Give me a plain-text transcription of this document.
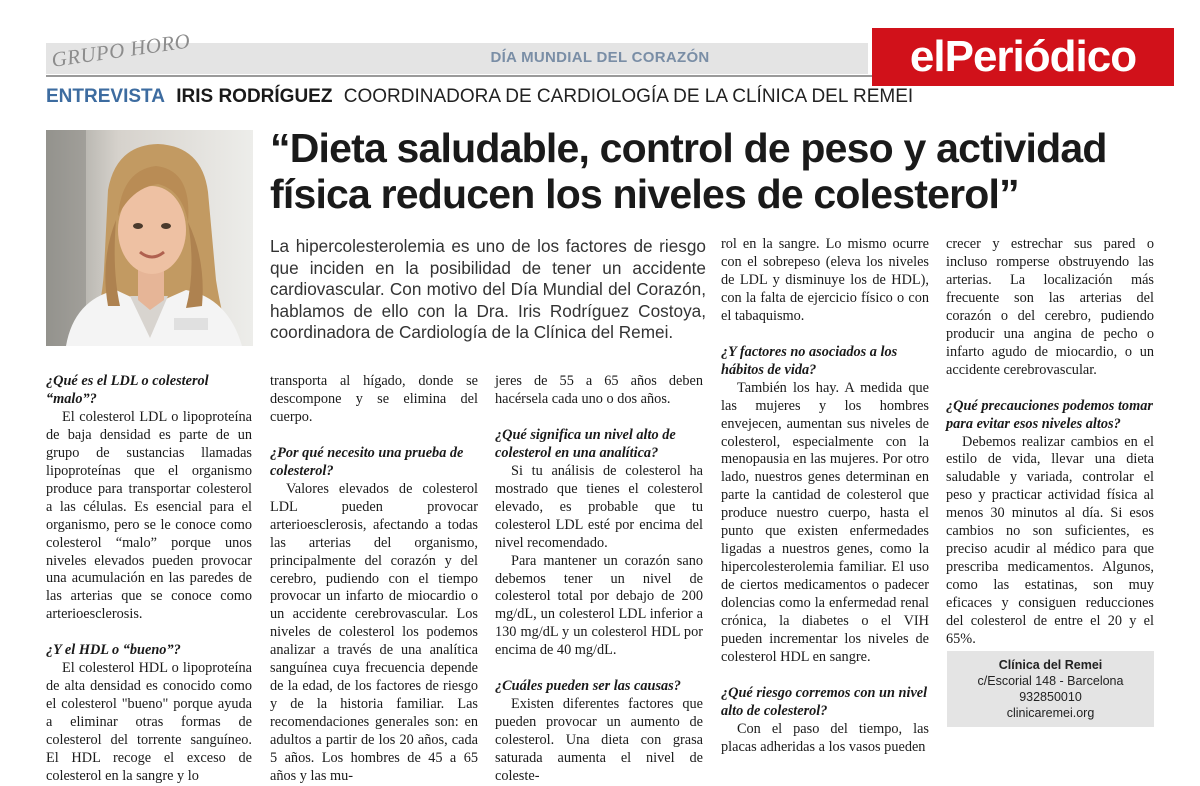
GRUPO HORO	DÍA MUNDIAL DEL CORAZÓN	elPeriódico
ENTREVISTA IRIS RODRÍGUEZ COORDINADORA DE CARDIOLOGÍA DE LA CLÍNICA DEL REMEI
“Dieta saludable, control de peso y actividad física reducen los niveles de colesterol”

La hipercolesterolemia es uno de los factores de riesgo que inciden en la posibilidad de tener un accidente cardiovascular. Con motivo del Día Mundial del Corazón, hablamos de ello con la Dra. Iris Rodríguez Costoya, coordinadora de Cardiología de la Clínica del Remei.

¿Qué es el LDL o colesterol “malo”?

El colesterol LDL o lipoproteína de baja densidad es parte de un grupo de sustancias llamadas lipoproteínas que el organismo produce para transportar colesterol a las células. Es esencial para el organismo, pero se le conoce como colesterol “malo” porque unos niveles elevados pueden provocar una acumulación en las paredes de las arterias que se conoce como arterioesclerosis.

¿Y el HDL o “bueno”?

El colesterol HDL o lipoproteína de alta densidad es conocido como el colesterol "bueno" porque ayuda a eliminar otras formas de colesterol del torrente sanguíneo. El HDL recoge el exceso de colesterol en la sangre y lo

transporta al hígado, donde se descompone y se elimina del cuerpo.

¿Por qué necesito una prueba de colesterol?

Valores elevados de colesterol LDL pueden provocar arterioesclerosis, afectando a todas las arterias del organismo, principalmente del corazón y del cerebro, pudiendo con el tiempo provocar un infarto de miocardio o un accidente cerebrovascular. Los niveles de colesterol los podemos analizar a través de una analítica sanguínea cuya frecuencia depende de la edad, de los factores de riesgo y de la historia familiar. Las recomendaciones generales son: en adultos a partir de los 20 años, cada 5 años. Los hombres de 45 a 65 años y las mu-

jeres de 55 a 65 años deben hacérsela cada uno o dos años.

¿Qué significa un nivel alto de colesterol en una analítica?

Si tu análisis de colesterol ha mostrado que tienes el colesterol elevado, es probable que tu colesterol LDL esté por encima del nivel recomendado.

Para mantener un corazón sano debemos tener un nivel de colesterol total por debajo de 200 mg/dL, un colesterol LDL inferior a 130 mg/dL y un colesterol HDL por encima de 40 mg/dL.

¿Cuáles pueden ser las causas?

Existen diferentes factores que pueden provocar un aumento de colesterol. Una dieta con grasa saturada aumenta el nivel de coleste-

rol en la sangre. Lo mismo ocurre con el sobrepeso (eleva los niveles de LDL y disminuye los de HDL), con la falta de ejercicio físico o con el tabaquismo.

¿Y factores no asociados a los hábitos de vida?

También los hay. A medida que las mujeres y los hombres envejecen, aumentan sus niveles de colesterol, especialmente con la menopausia en las mujeres. Por otro lado, nuestros genes determinan en parte la cantidad de colesterol que produce nuestro cuerpo, hasta el punto que existen enfermedades ligadas a nuestros genes, como la hipercolesterolemia familiar. El uso de ciertos medicamentos o padecer dolencias como la enfermedad renal crónica, la diabetes o el VIH pueden incrementar los niveles de colesterol HDL en sangre.

¿Qué riesgo corremos con un nivel alto de colesterol?

Con el paso del tiempo, las placas adheridas a los vasos pueden

crecer y estrechar sus pared o incluso romperse obstruyendo las arterias. La localización más frecuente son las arterias del corazón o del cerebro, pudiendo producir una angina de pecho o infarto agudo de miocardio, o un accidente cerebrovascular.

¿Qué precauciones podemos tomar para evitar esos niveles altos?

Debemos realizar cambios en el estilo de vida, llevar una dieta saludable y variada, controlar el peso y practicar actividad física al menos 30 minutos al día. Si esos cambios no son suficientes, es preciso acudir al médico para que prescriba medicamentos. Algunos, como las estatinas, son muy eficaces y consiguen reducciones del colesterol de entre el 20 y el 65%.

Clínica del Remei
c/Escorial 148 - Barcelona
932850010
clinicaremei.org
